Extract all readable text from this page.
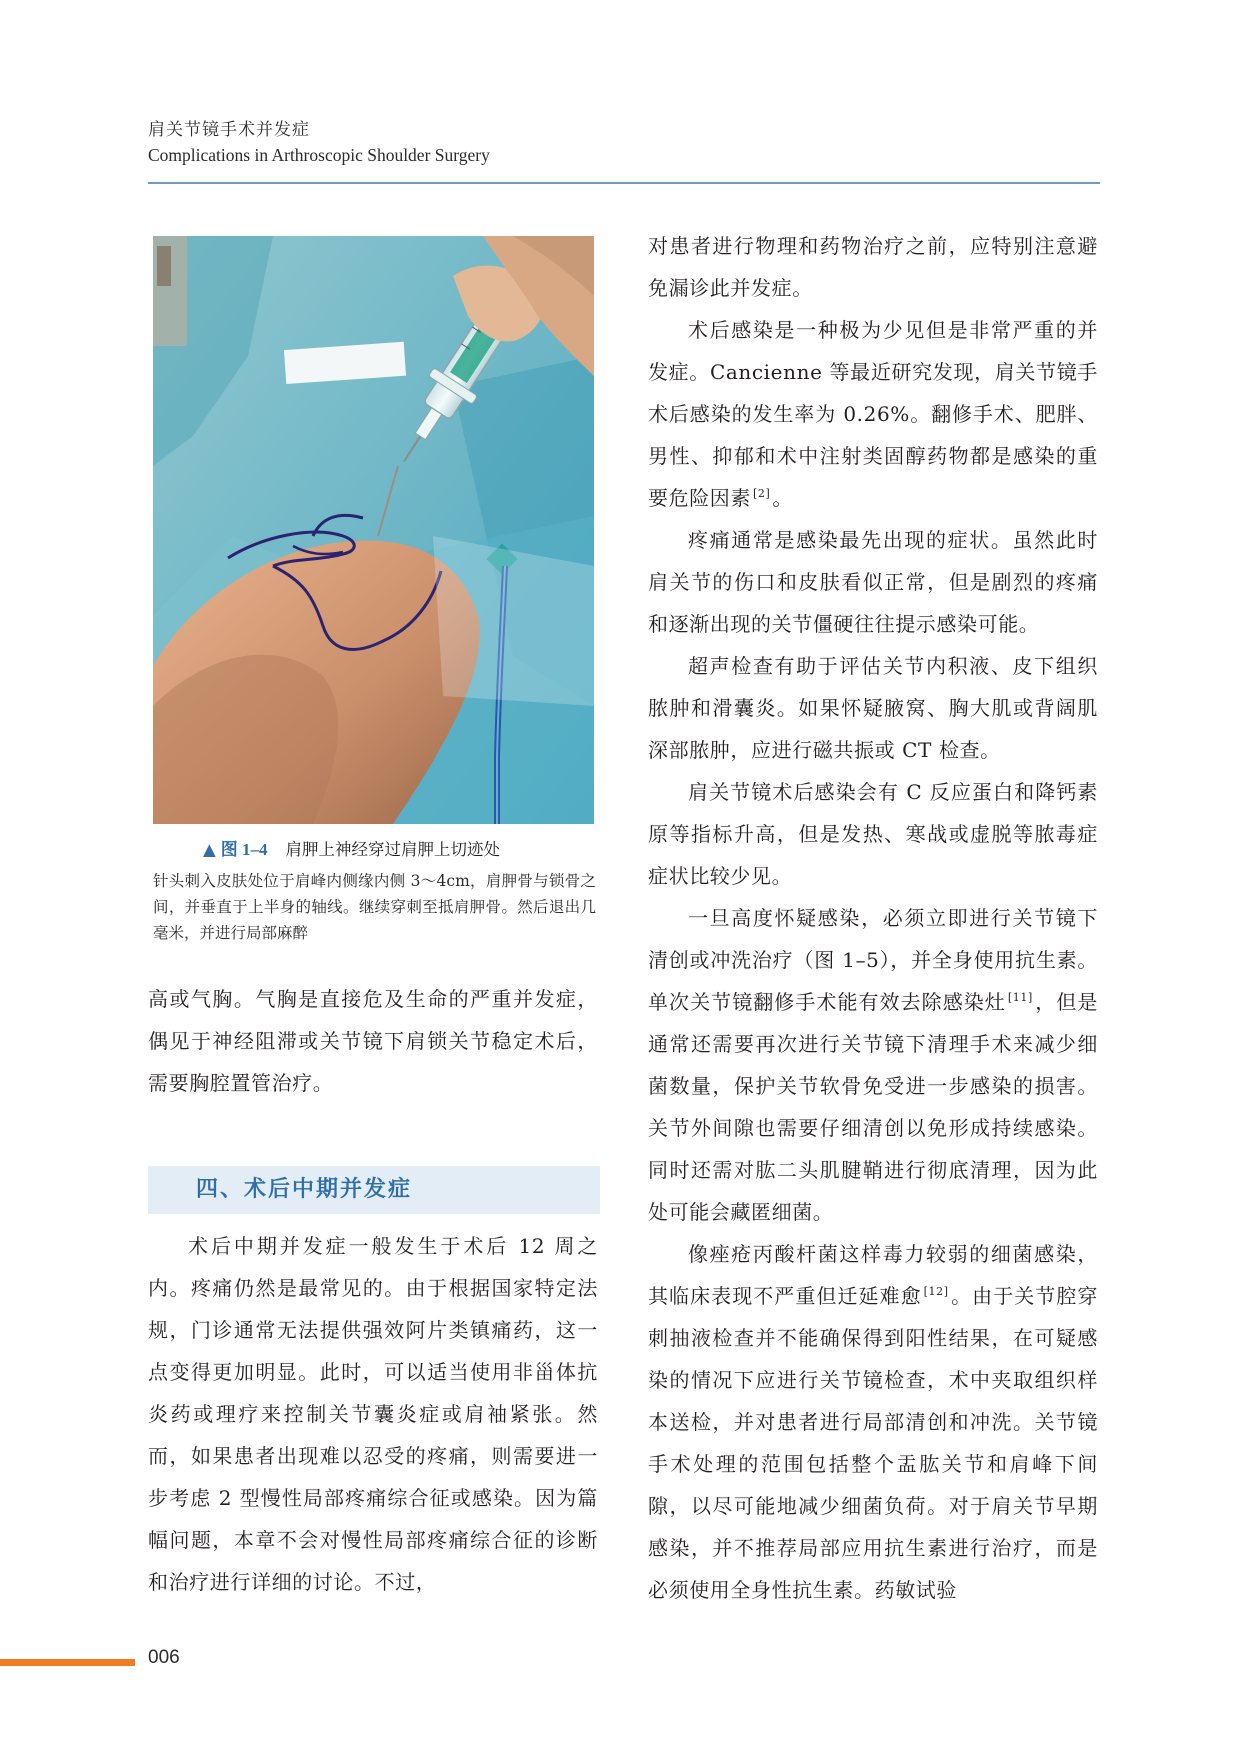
肩关节镜手术并发症
Complications in Arthroscopic Shoulder Surgery
▲ 图 1–4 肩胛上神经穿过肩胛上切迹处
针头刺入皮肤处位于肩峰内侧缘内侧 3～4cm，肩胛骨与锁骨之间，并垂直于上半身的轴线。继续穿刺至抵肩胛骨。然后退出几毫米，并进行局部麻醉

高或气胸。气胸是直接危及生命的严重并发症，偶见于神经阻滞或关节镜下肩锁关节稳定术后，需要胸腔置管治疗。

四、术后中期并发症

术后中期并发症一般发生于术后 12 周之内。疼痛仍然是最常见的。由于根据国家特定法规，门诊通常无法提供强效阿片类镇痛药，这一点变得更加明显。此时，可以适当使用非甾体抗炎药或理疗来控制关节囊炎症或肩袖紧张。然而，如果患者出现难以忍受的疼痛，则需要进一步考虑 2 型慢性局部疼痛综合征或感染。因为篇幅问题，本章不会对慢性局部疼痛综合征的诊断和治疗进行详细的讨论。不过，

对患者进行物理和药物治疗之前，应特别注意避免漏诊此并发症。

术后感染是一种极为少见但是非常严重的并发症。Cancienne 等最近研究发现，肩关节镜手术后感染的发生率为 0.26%。翻修手术、肥胖、男性、抑郁和术中注射类固醇药物都是感染的重要危险因素 [2] 。

疼痛通常是感染最先出现的症状。虽然此时肩关节的伤口和皮肤看似正常，但是剧烈的疼痛和逐渐出现的关节僵硬往往提示感染可能。

超声检查有助于评估关节内积液、皮下组织脓肿和滑囊炎。如果怀疑腋窝、胸大肌或背阔肌深部脓肿，应进行磁共振或 CT 检查。

肩关节镜术后感染会有 C 反应蛋白和降钙素原等指标升高，但是发热、寒战或虚脱等脓毒症症状比较少见。

一旦高度怀疑感染，必须立即进行关节镜下清创或冲洗治疗（图 1–5），并全身使用抗生素。单次关节镜翻修手术能有效去除感染灶 [11] ，但是通常还需要再次进行关节镜下清理手术来减少细菌数量，保护关节软骨免受进一步感染的损害。关节外间隙也需要仔细清创以免形成持续感染。同时还需对肱二头肌腱鞘进行彻底清理，因为此处可能会藏匿细菌。

像痤疮丙酸杆菌这样毒力较弱的细菌感染，其临床表现不严重但迁延难愈 [12] 。由于关节腔穿刺抽液检查并不能确保得到阳性结果，在可疑感染的情况下应进行关节镜检查，术中夹取组织样本送检，并对患者进行局部清创和冲洗。关节镜手术处理的范围包括整个盂肱关节和肩峰下间隙，以尽可能地减少细菌负荷。对于肩关节早期感染，并不推荐局部应用抗生素进行治疗，而是必须使用全身性抗生素。药敏试验

006
